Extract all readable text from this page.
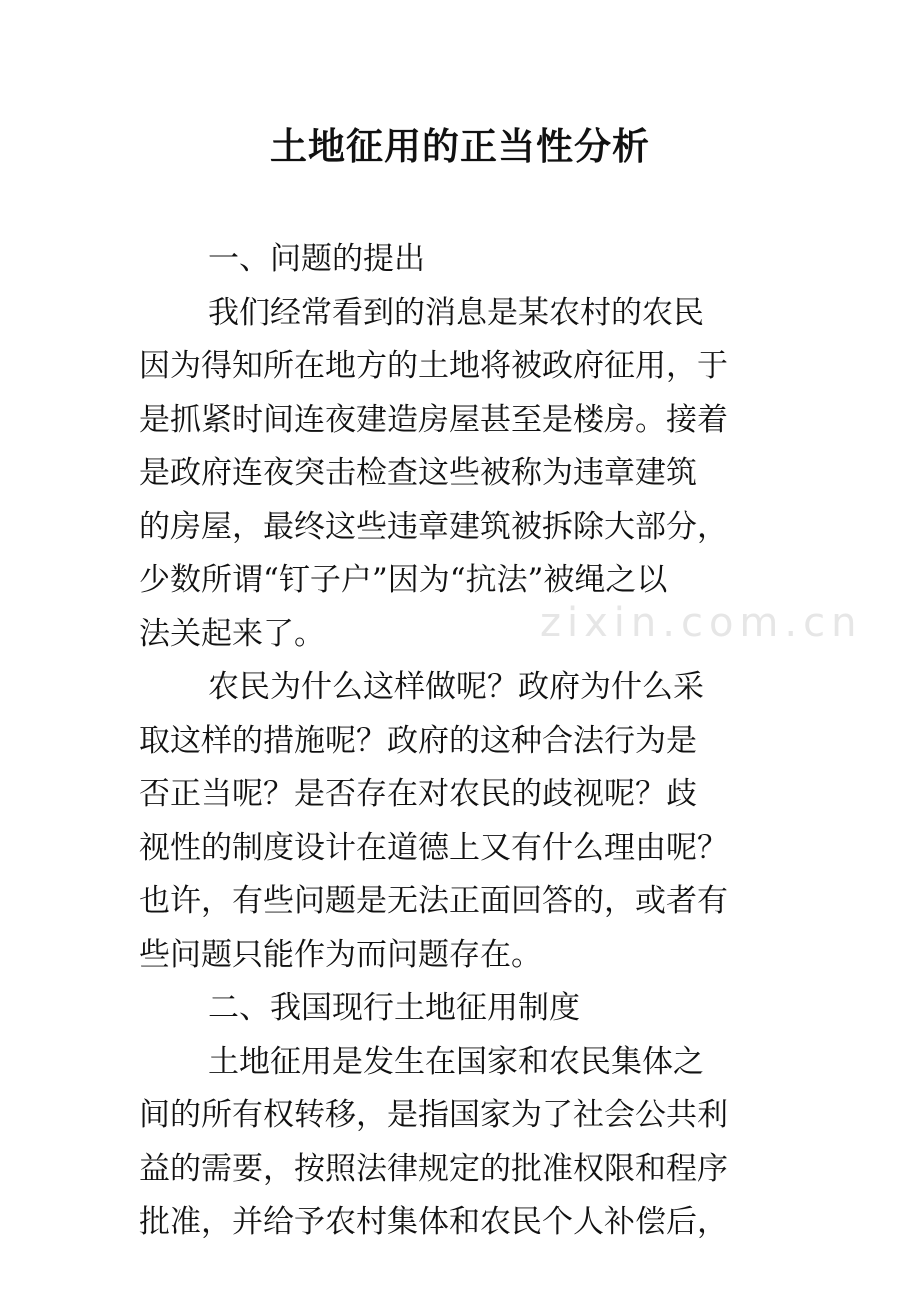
zixin.com.cn
土地征用的正当性分析
一、问题的提出
我们经常看到的消息是某农村的农民
因为得知所在地方的土地将被政府征用，于
是抓紧时间连夜建造房屋甚至是楼房。接着
是政府连夜突击检查这些被称为违章建筑
的房屋，最终这些违章建筑被拆除大部分，
少数所谓“钉子户”因为“抗法”被绳之以
法关起来了。
农民为什么这样做呢？政府为什么采
取这样的措施呢？政府的这种合法行为是
否正当呢？是否存在对农民的歧视呢？歧
视性的制度设计在道德上又有什么理由呢？
也许，有些问题是无法正面回答的，或者有
些问题只能作为而问题存在。
二、我国现行土地征用制度
土地征用是发生在国家和农民集体之
间的所有权转移，是指国家为了社会公共利
益的需要，按照法律规定的批准权限和程序
批准，并给予农村集体和农民个人补偿后，
